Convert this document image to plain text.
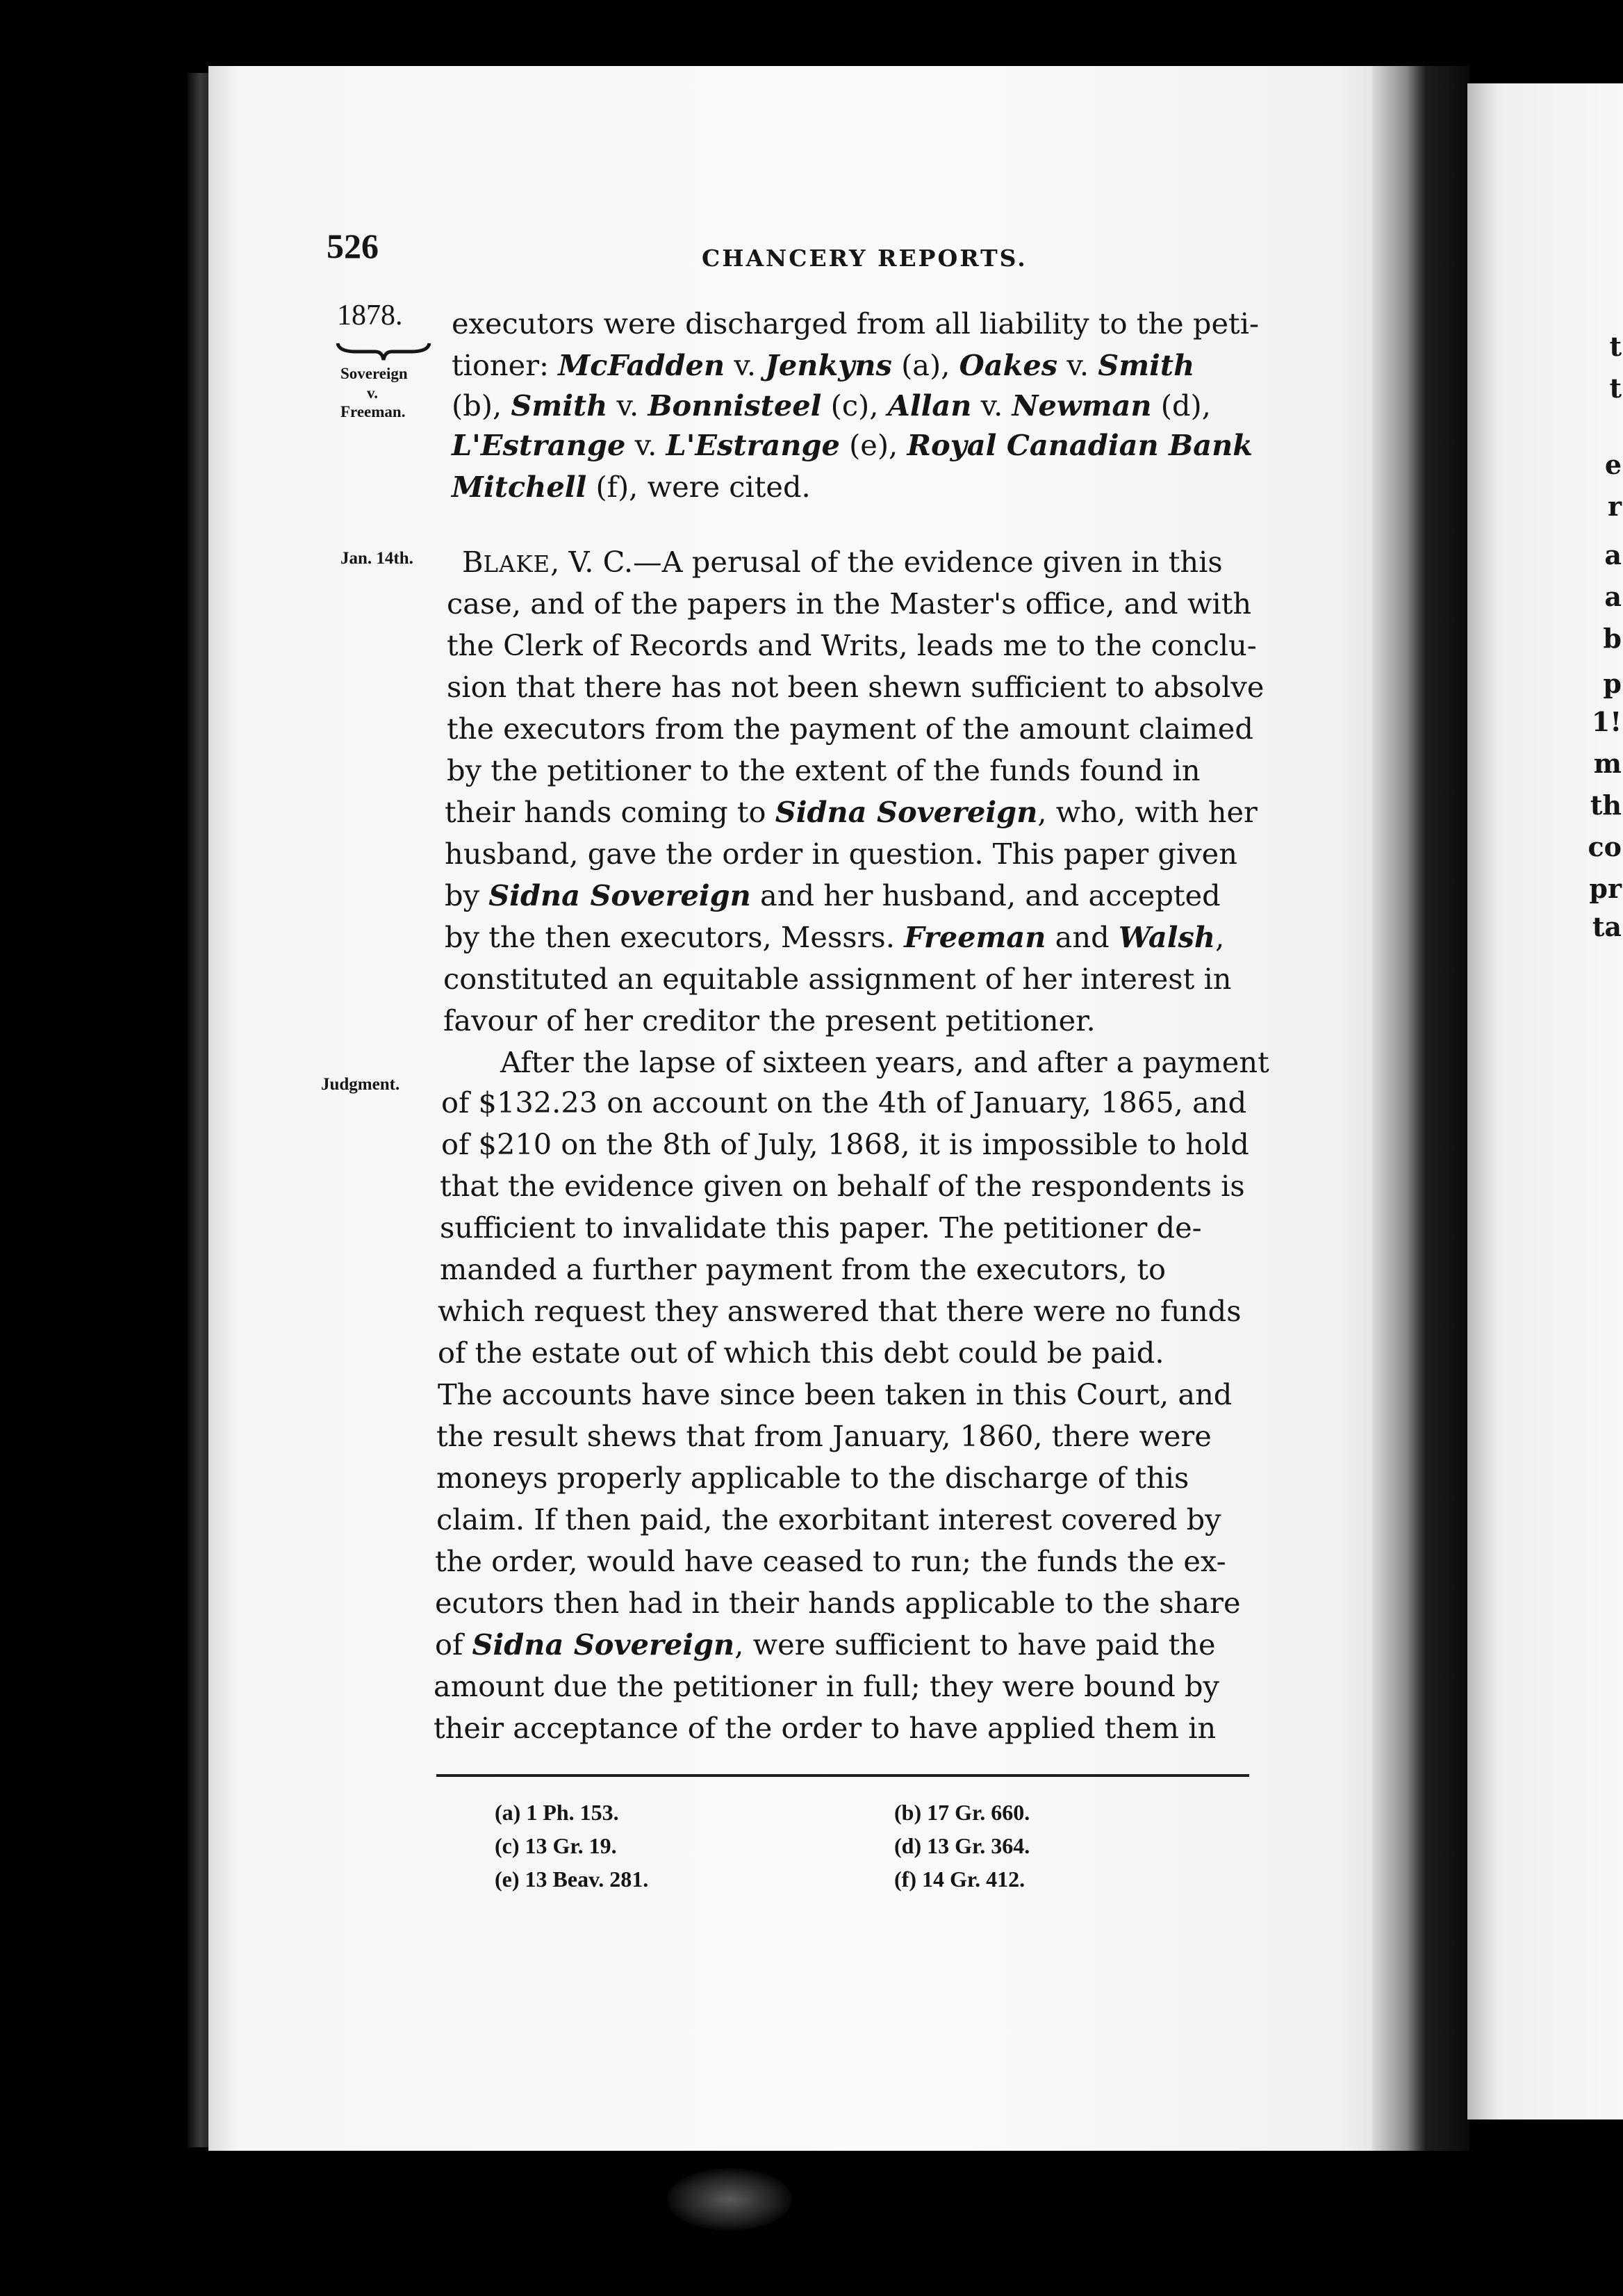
t
t
e
r
a
a
b
p
1!
m
th
co
pr
ta
526	CHANCERY REPORTS.
1878.
Sovereign
v.
Freeman.
Jan. 14th.
Judgment.
executors were discharged from all liability to the peti-
tioner: McFadden v. Jenkyns (a), Oakes v. Smith
(b), Smith v. Bonnisteel (c), Allan v. Newman (d),
L'Estrange v. L'Estrange (e), Royal Canadian Bank
Mitchell (f), were cited.
BLAKE, V. C.—A perusal of the evidence given in this
case, and of the papers in the Master's office, and with
the Clerk of Records and Writs, leads me to the conclu-
sion that there has not been shewn sufficient to absolve
the executors from the payment of the amount claimed
by the petitioner to the extent of the funds found in
their hands coming to Sidna Sovereign, who, with her
husband, gave the order in question. This paper given
by Sidna Sovereign and her husband, and accepted
by the then executors, Messrs. Freeman and Walsh,
constituted an equitable assignment of her interest in
favour of her creditor the present petitioner.
After the lapse of sixteen years, and after a payment
of $132.23 on account on the 4th of January, 1865, and
of $210 on the 8th of July, 1868, it is impossible to hold
that the evidence given on behalf of the respondents is
sufficient to invalidate this paper. The petitioner de-
manded a further payment from the executors, to
which request they answered that there were no funds
of the estate out of which this debt could be paid.
The accounts have since been taken in this Court, and
the result shews that from January, 1860, there were
moneys properly applicable to the discharge of this
claim. If then paid, the exorbitant interest covered by
the order, would have ceased to run; the funds the ex-
ecutors then had in their hands applicable to the share
of Sidna Sovereign, were sufficient to have paid the
amount due the petitioner in full; they were bound by
their acceptance of the order to have applied them in
(a) 1 Ph. 153.	(b) 17 Gr. 660.
(c) 13 Gr. 19.	(d) 13 Gr. 364.
(e) 13 Beav. 281.	(f) 14 Gr. 412.
